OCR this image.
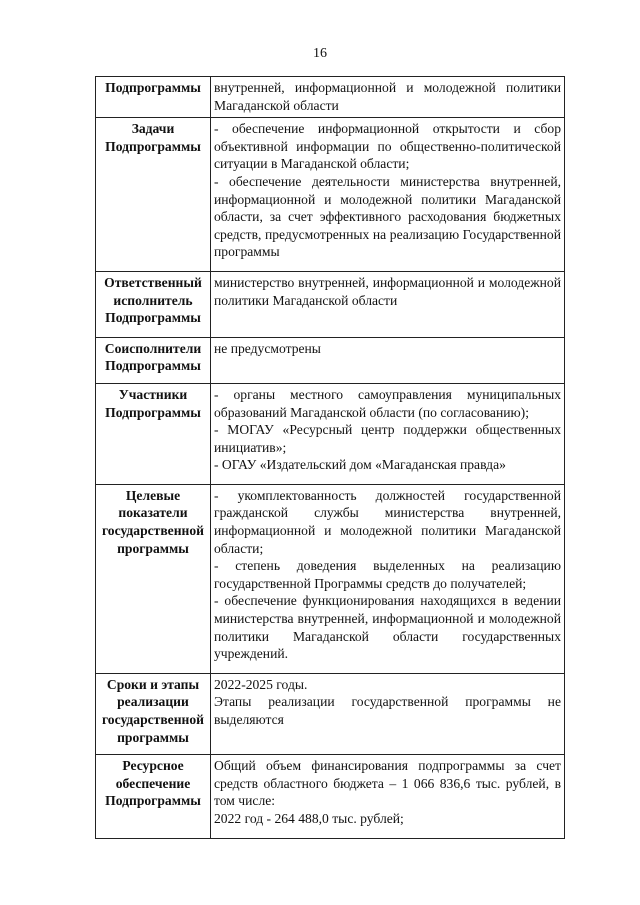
16
Подпрограммы	внутренней, информационной и молодежной политики Магаданской области

Задачи Подпрограммы	- обеспечение информационной открытости и сбор объективной информации по общественно-политической ситуации в Магаданской области;
- обеспечение деятельности министерства внутренней, информационной и молодежной политики Магаданской области, за счет эффективного расходования бюджетных средств, предусмотренных на реализацию Государственной программы

Ответственный исполнитель Подпрограммы	министерство внутренней, информационной и молодежной политики Магаданской области

Соисполнители Подпрограммы	не предусмотрены

Участники Подпрограммы	- органы местного самоуправления муниципальных образований Магаданской области (по согласованию);
- МОГАУ «Ресурсный центр поддержки общественных инициатив»;
- ОГАУ «Издательский дом «Магаданская правда»

Целевые показатели государственной программы	- укомплектованность должностей государственной гражданской службы министерства внутренней, информационной и молодежной политики Магаданской области;
- степень доведения выделенных на реализацию государственной Программы средств до получателей;
- обеспечение функционирования находящихся в ведении министерства внутренней, информационной и молодежной политики Магаданской области государственных учреждений.

Сроки и этапы реализации государственной программы	2022-2025 годы.
Этапы реализации государственной программы не выделяются

Ресурсное обеспечение Подпрограммы	Общий объем финансирования подпрограммы за счет средств областного бюджета – 1 066 836,6 тыс. рублей, в том числе:
2022 год - 264 488,0 тыс. рублей;
